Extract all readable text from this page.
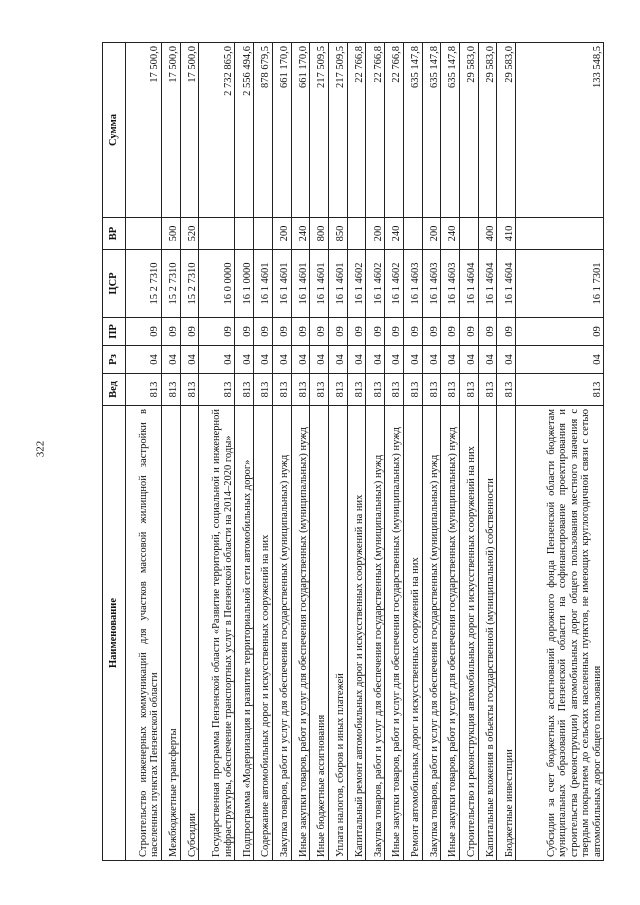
322
Наименование	Вед	Рз	ПР	ЦСР	ВР	Сумма
Строительство инженерных коммуникаций для участков массовой жилищной застройки в населенных пунктах Пензенской области	813	04	09	15 2 7310		17 500,0
Межбюджетные трансферты	813	04	09	15 2 7310	500	17 500,0
Субсидии	813	04	09	15 2 7310	520	17 500,0
Государственная программа Пензенской области «Развитие территорий, социальной и инженерной инфраструктуры, обеспечение транспортных услуг в Пензенской области на 2014–2020 годы»	813	04	09	16 0 0000		2 732 865,0
Подпрограмма «Модернизация и развитие территориальной сети автомобильных дорог»	813	04	09	16 1 0000		2 556 494,6
Содержание автомобильных дорог и искусственных сооружений на них	813	04	09	16 1 4601		878 679,5
Закупка товаров, работ и услуг для обеспечения государственных (муниципальных) нужд	813	04	09	16 1 4601	200	661 170,0
Иные закупки товаров, работ и услуг для обеспечения государственных (муниципальных) нужд	813	04	09	16 1 4601	240	661 170,0
Иные бюджетные ассигнования	813	04	09	16 1 4601	800	217 509,5
Уплата налогов, сборов и иных платежей	813	04	09	16 1 4601	850	217 509,5
Капитальный ремонт автомобильных дорог и искусственных сооружений на них	813	04	09	16 1 4602		22 766,8
Закупка товаров, работ и услуг для обеспечения государственных (муниципальных) нужд	813	04	09	16 1 4602	200	22 766,8
Иные закупки товаров, работ и услуг для обеспечения государственных (муниципальных) нужд	813	04	09	16 1 4602	240	22 766,8
Ремонт автомобильных дорог и искусственных сооружений на них	813	04	09	16 1 4603		635 147,8
Закупка товаров, работ и услуг для обеспечения государственных (муниципальных) нужд	813	04	09	16 1 4603	200	635 147,8
Иные закупки товаров, работ и услуг для обеспечения государственных (муниципальных) нужд	813	04	09	16 1 4603	240	635 147,8
Строительство и реконструкция автомобильных дорог и искусственных сооружений на них	813	04	09	16 1 4604		29 583,0
Капитальные вложения в объекты государственной (муниципальной) собственности	813	04	09	16 1 4604	400	29 583,0
Бюджетные инвестиции	813	04	09	16 1 4604	410	29 583,0
Субсидии за счет бюджетных ассигнований дорожного фонда Пензенской области бюджетам муниципальных образований Пензенской области на софинансирование проектирования и строительства (реконструкции) автомобильных дорог общего пользования местного значения с твердым покрытием до сельских населенных пунктов, не имеющих круглогодичной связи с сетью автомобильных дорог общего пользования	813	04	09	16 1 7301		133 548,5
